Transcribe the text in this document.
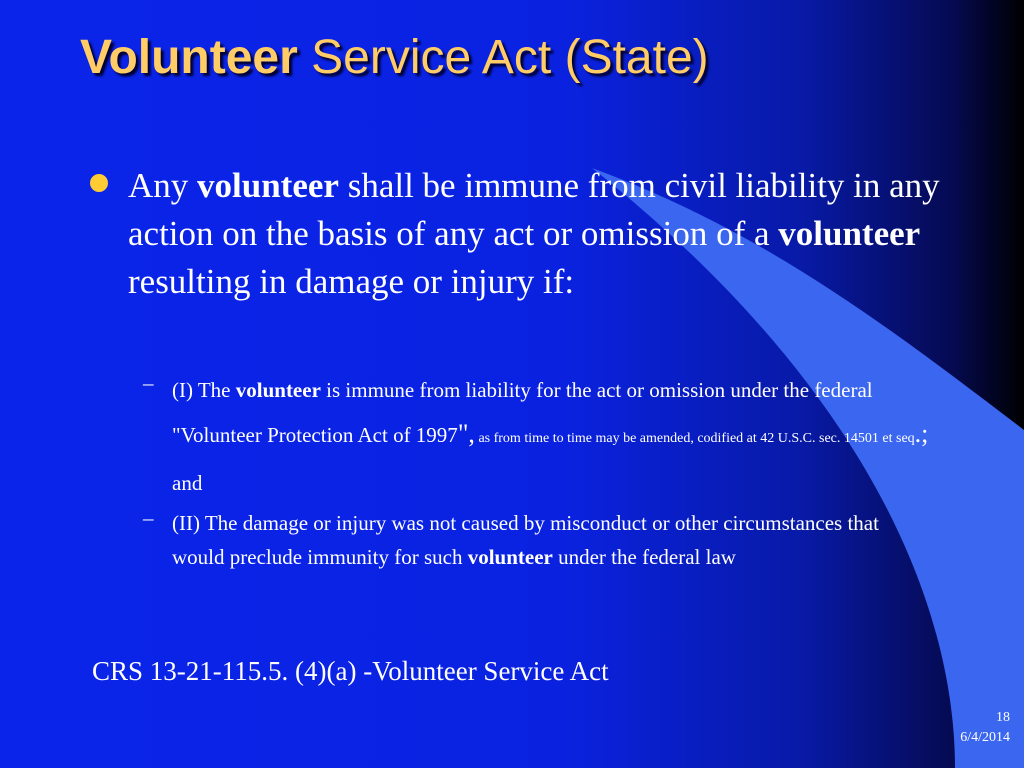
Volunteer Service Act (State)
Any volunteer shall be immune from civil liability in any action on the basis of any act or omission of a volunteer resulting in damage or injury if:
– (I) The volunteer is immune from liability for the act or omission under the federal "Volunteer Protection Act of 1997", as from time to time may be amended, codified at 42 U.S.C. sec. 14501 et seq.; and
– (II) The damage or injury was not caused by misconduct or other circumstances that would preclude immunity for such volunteer under the federal law
CRS 13-21-115.5. (4)(a) -Volunteer Service Act
18
6/4/2014
